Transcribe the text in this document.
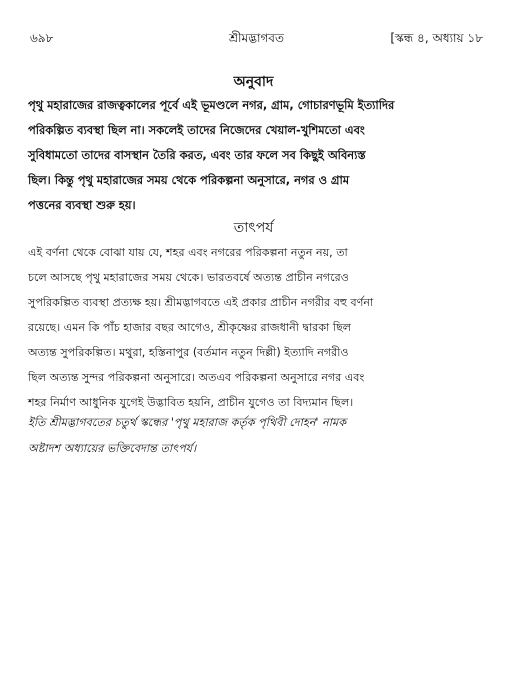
৬৯৮	শ্রীমদ্ভাগবত	[স্কন্ধ ৪, অধ্যায় ১৮
অনুবাদ
পৃথু মহারাজের রাজত্বকালের পূর্বে এই ভূমণ্ডলে নগর, গ্রাম, গোচারণভূমি ইত্যাদির
পরিকল্পিত ব্যবস্থা ছিল না। সকলেই তাদের নিজেদের খেয়াল-খুশিমতো এবং
সুবিধামতো তাদের বাসস্থান তৈরি করত, এবং তার ফলে সব কিছুই অবিন্যস্ত
ছিল। কিন্তু পৃথু মহারাজের সময় থেকে পরিকল্পনা অনুসারে, নগর ও গ্রাম
পত্তনের ব্যবস্থা শুরু হয়।
তাৎপর্য
এই বর্ণনা থেকে বোঝা যায় যে, শহর এবং নগরের পরিকল্পনা নতুন নয়, তা
চলে আসছে পৃথু মহারাজের সময় থেকে। ভারতবর্ষে অত্যন্ত প্রাচীন নগরেও
সুপরিকল্পিত ব্যবস্থা প্রত্যক্ষ হয়। শ্রীমদ্ভাগবতে এই প্রকার প্রাচীন নগরীর বহু বর্ণনা
রয়েছে। এমন কি পাঁচ হাজার বছর আগেও, শ্রীকৃষ্ণের রাজধানী দ্বারকা ছিল
অত্যন্ত সুপরিকল্পিত। মথুরা, হস্তিনাপুর (বর্তমান নতুন দিল্লী) ইত্যাদি নগরীও
ছিল অত্যন্ত সুন্দর পরিকল্পনা অনুসারে। অতএব পরিকল্পনা অনুসারে নগর এবং
শহর নির্মাণ আধুনিক যুগেই উদ্ভাবিত হয়নি, প্রাচীন যুগেও তা বিদ্যমান ছিল।
ইতি শ্রীমদ্ভাগবতের চতুর্থ স্কন্ধের 'পৃথু মহারাজ কর্তৃক পৃথিবী দোহন' নামক
অষ্টাদশ অধ্যায়ের ভক্তিবেদান্ত তাৎপর্য।
